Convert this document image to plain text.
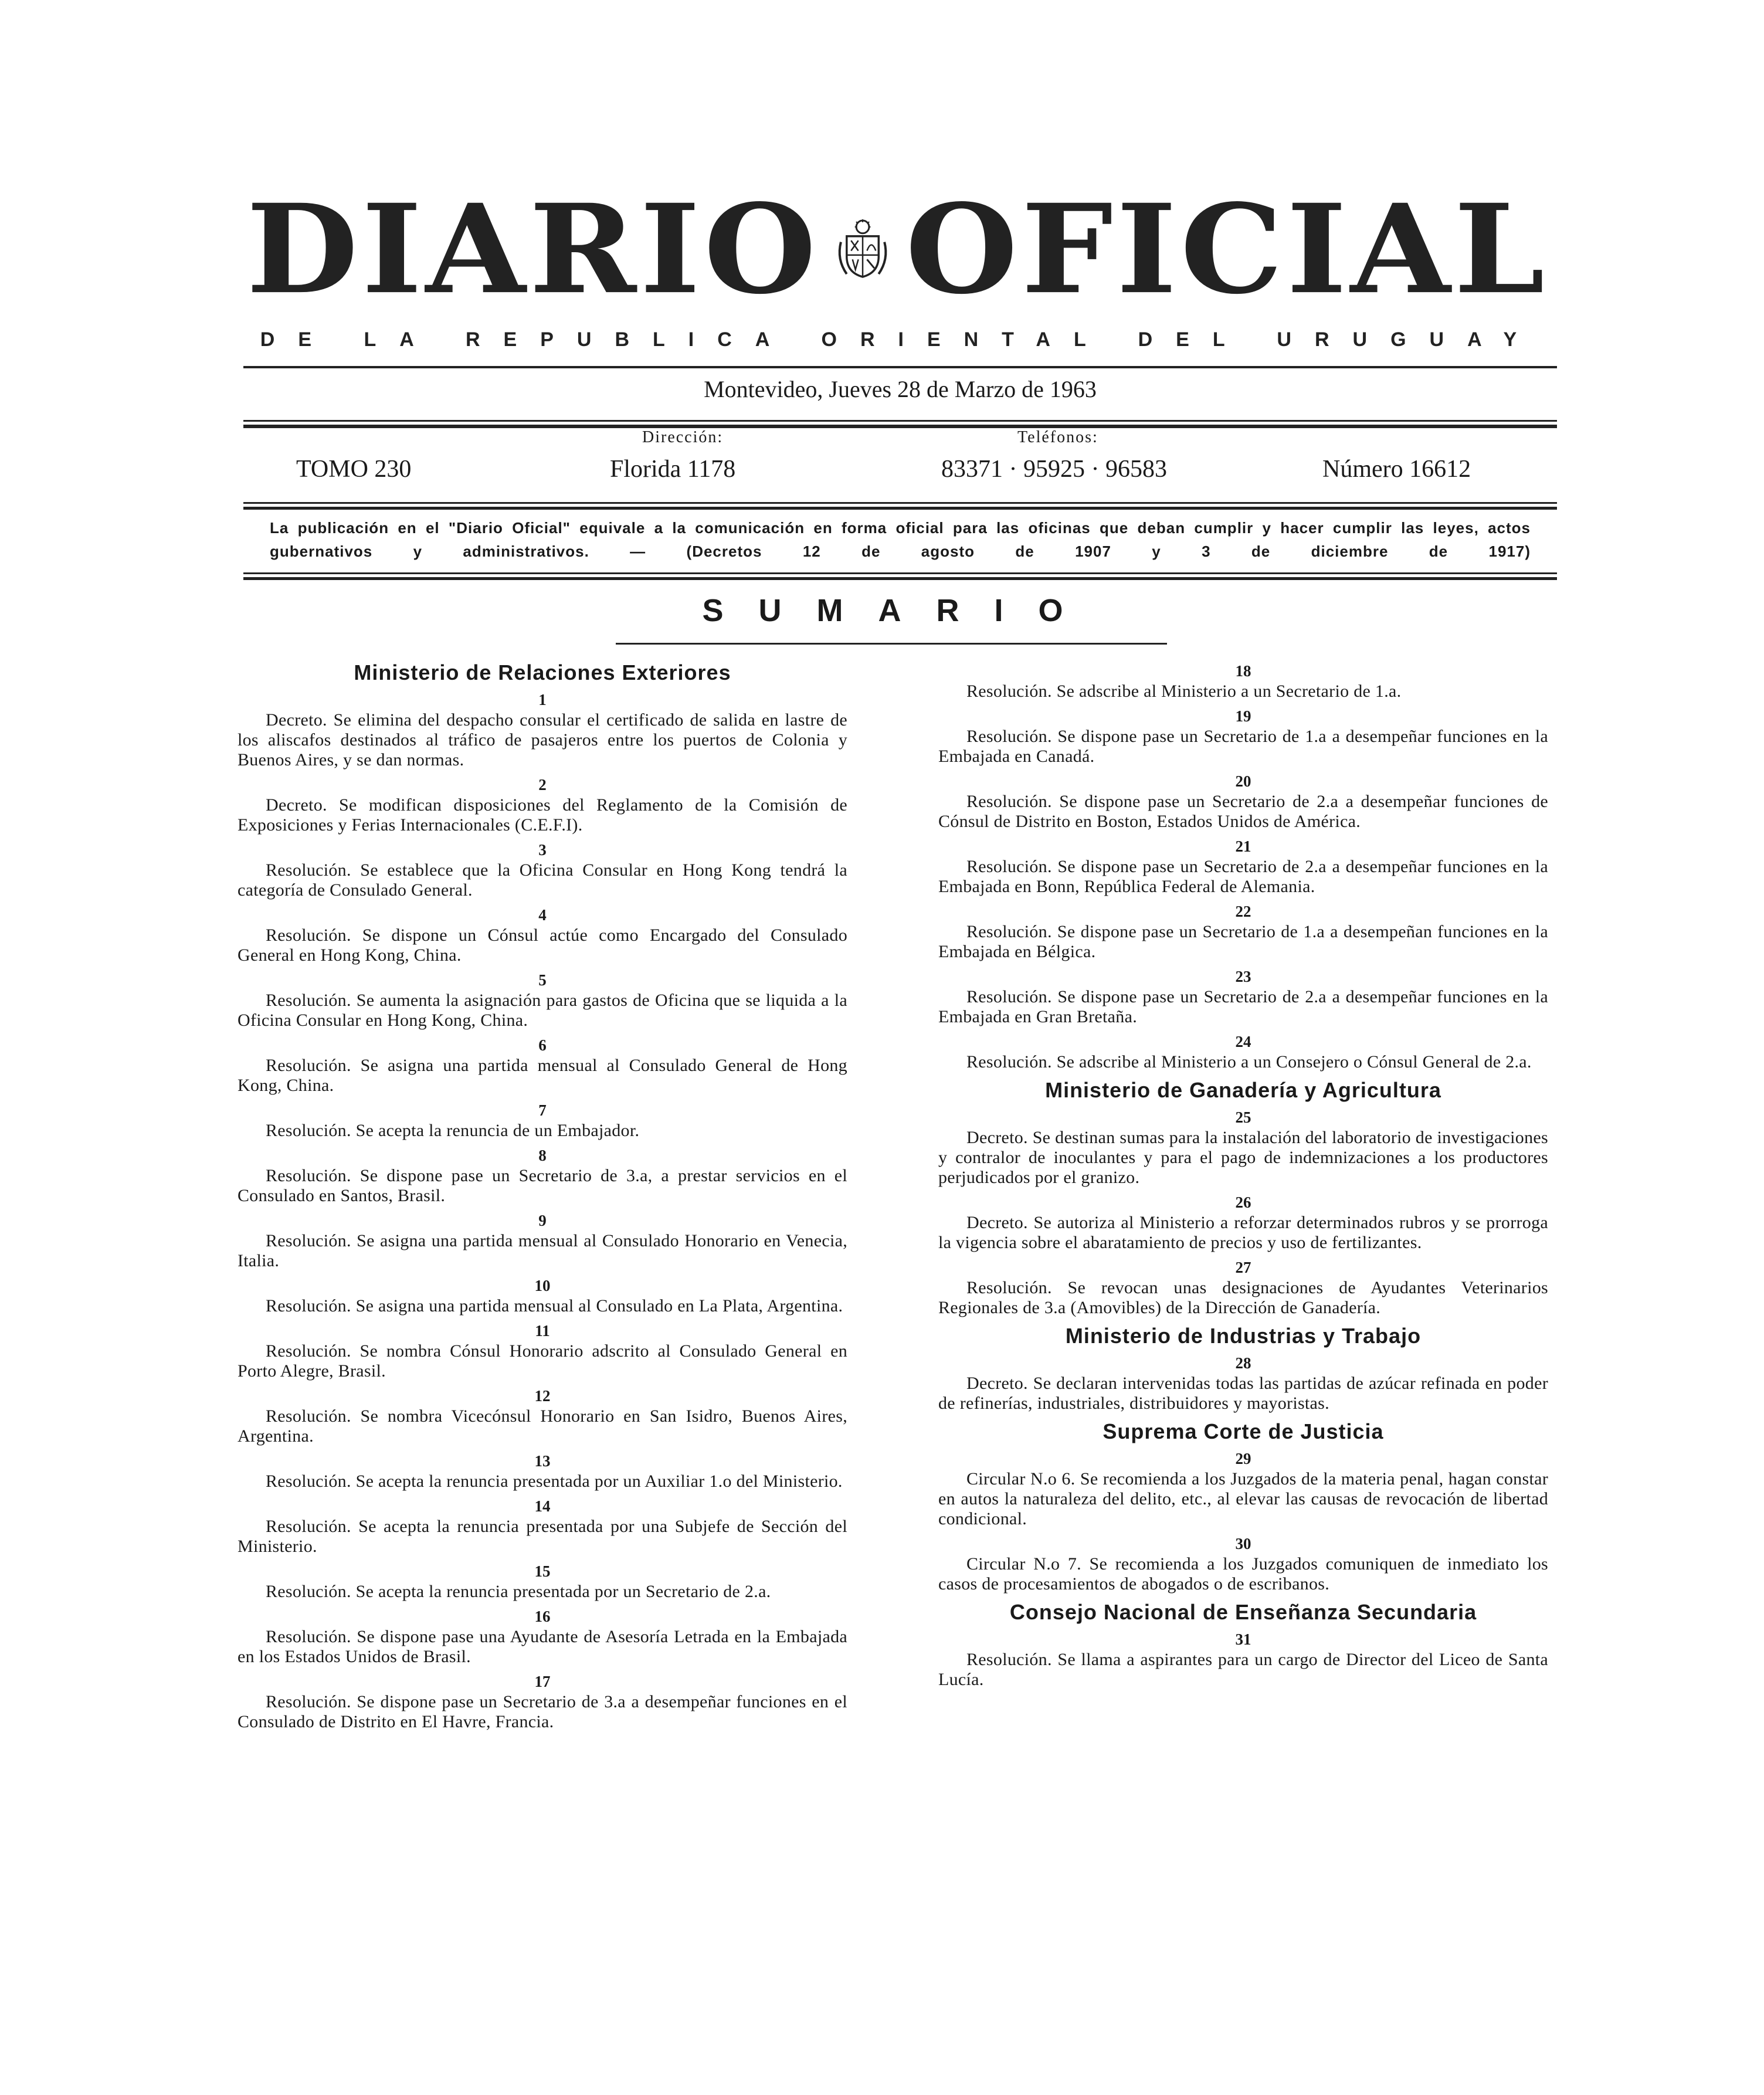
DIARIO OFICIAL
DE LA REPUBLICA ORIENTAL DEL URUGUAY
Montevideo, Jueves 28 de Marzo de 1963
TOMO 230
Dirección:
Florida 1178
Teléfonos:
83371 · 95925 · 96583	Número 16612
La publicación en el "Diario Oficial" equivale a la comunicación en forma oficial para las oficinas que deban cumplir y hacer cumplir las leyes, actos gubernativos y administrativos. — (Decretos 12 de agosto de 1907 y 3 de diciembre de 1917)
SUMARIO
Ministerio de Relaciones Exteriores
1

Decreto. Se elimina del despacho consular el certificado de salida en lastre de los aliscafos destinados al tráfico de pasajeros entre los puertos de Colonia y Buenos Aires, y se dan normas.

2

Decreto. Se modifican disposiciones del Reglamento de la Comisión de Exposiciones y Ferias Internacionales (C.E.F.I).

3

Resolución. Se establece que la Oficina Consular en Hong Kong tendrá la categoría de Consulado General.

4

Resolución. Se dispone un Cónsul actúe como Encargado del Consulado General en Hong Kong, China.

5

Resolución. Se aumenta la asignación para gastos de Oficina que se liquida a la Oficina Consular en Hong Kong, China.

6

Resolución. Se asigna una partida mensual al Consulado General de Hong Kong, China.

7

Resolución. Se acepta la renuncia de un Embajador.

8

Resolución. Se dispone pase un Secretario de 3.a, a prestar servicios en el Consulado en Santos, Brasil.

9

Resolución. Se asigna una partida mensual al Consulado Honorario en Venecia, Italia.

10

Resolución. Se asigna una partida mensual al Consulado en La Plata, Argentina.

11

Resolución. Se nombra Cónsul Honorario adscrito al Consulado General en Porto Alegre, Brasil.

12

Resolución. Se nombra Vicecónsul Honorario en San Isidro, Buenos Aires, Argentina.

13

Resolución. Se acepta la renuncia presentada por un Auxiliar 1.o del Ministerio.

14

Resolución. Se acepta la renuncia presentada por una Subjefe de Sección del Ministerio.

15

Resolución. Se acepta la renuncia presentada por un Secretario de 2.a.

16

Resolución. Se dispone pase una Ayudante de Asesoría Letrada en la Embajada en los Estados Unidos de Brasil.

17

Resolución. Se dispone pase un Secretario de 3.a a desempeñar funciones en el Consulado de Distrito en El Havre, Francia.

18

Resolución. Se adscribe al Ministerio a un Secretario de 1.a.

19

Resolución. Se dispone pase un Secretario de 1.a a desempeñar funciones en la Embajada en Canadá.

20

Resolución. Se dispone pase un Secretario de 2.a a desempeñar funciones de Cónsul de Distrito en Boston, Estados Unidos de América.

21

Resolución. Se dispone pase un Secretario de 2.a a desempeñar funciones en la Embajada en Bonn, República Federal de Alemania.

22

Resolución. Se dispone pase un Secretario de 1.a a desempeñan funciones en la Embajada en Bélgica.

23

Resolución. Se dispone pase un Secretario de 2.a a desempeñar funciones en la Embajada en Gran Bretaña.

24

Resolución. Se adscribe al Ministerio a un Consejero o Cónsul General de 2.a.

Ministerio de Ganadería y Agricultura
25

Decreto. Se destinan sumas para la instalación del laboratorio de investigaciones y contralor de inoculantes y para el pago de indemnizaciones a los productores perjudicados por el granizo.

26

Decreto. Se autoriza al Ministerio a reforzar determinados rubros y se prorroga la vigencia sobre el abaratamiento de precios y uso de fertilizantes.

27

Resolución. Se revocan unas designaciones de Ayudantes Veterinarios Regionales de 3.a (Amovibles) de la Dirección de Ganadería.

Ministerio de Industrias y Trabajo
28

Decreto. Se declaran intervenidas todas las partidas de azúcar refinada en poder de refinerías, industriales, distribuidores y mayoristas.

Suprema Corte de Justicia
29

Circular N.o 6. Se recomienda a los Juzgados de la materia penal, hagan constar en autos la naturaleza del delito, etc., al elevar las causas de revocación de libertad condicional.

30

Circular N.o 7. Se recomienda a los Juzgados comuniquen de inmediato los casos de procesamientos de abogados o de escribanos.

Consejo Nacional de Enseñanza Secundaria
31

Resolución. Se llama a aspirantes para un cargo de Director del Liceo de Santa Lucía.
